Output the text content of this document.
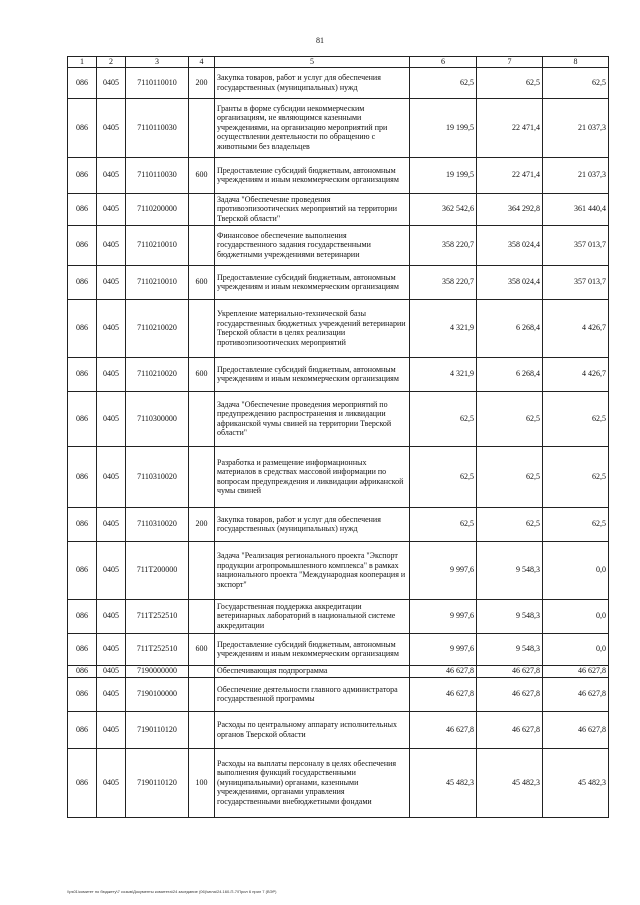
81
1	2	3	4	5	6	7	8
086	0405	7110110010	200	Закупка товаров, работ и услуг для обеспечения государственных (муниципальных) нужд	62,5	62,5	62,5
086	0405	7110110030		Гранты в форме субсидии некоммерческим организациям, не являющимся казенными учреждениями, на организацию мероприятий при осуществлении деятельности по обращению с животными без владельцев	19 199,5	22 471,4	21 037,3
086	0405	7110110030	600	Предоставление субсидий бюджетным, автономным учреждениям и иным некоммерческим организациям	19 199,5	22 471,4	21 037,3
086	0405	7110200000		Задача "Обеспечение проведения противоэпизоотических мероприятий на территории Тверской области"	362 542,6	364 292,8	361 440,4
086	0405	7110210010		Финансовое обеспечение выполнения государственного задания государственными бюджетными учреждениями ветеринарии	358 220,7	358 024,4	357 013,7
086	0405	7110210010	600	Предоставление субсидий бюджетным, автономным учреждениям и иным некоммерческим организациям	358 220,7	358 024,4	357 013,7
086	0405	7110210020		Укрепление материально-технической базы государственных бюджетных учреждений ветеринарии Тверской области в целях реализации противоэпизоотических мероприятий	4 321,9	6 268,4	4 426,7
086	0405	7110210020	600	Предоставление субсидий бюджетным, автономным учреждениям и иным некоммерческим организациям	4 321,9	6 268,4	4 426,7
086	0405	7110300000		Задача "Обеспечение проведения мероприятий по предупреждению распространения и ликвидации африканской чумы свиней на территории Тверской области"	62,5	62,5	62,5
086	0405	7110310020		Разработка и размещение информационных материалов в средствах массовой информации по вопросам предупреждения и ликвидации африканской чумы свиней	62,5	62,5	62,5
086	0405	7110310020	200	Закупка товаров, работ и услуг для обеспечения государственных (муниципальных) нужд	62,5	62,5	62,5
086	0405	711Т200000		Задача "Реализация регионального проекта "Экспорт продукции агропромышленного комплекса" в рамках национального проекта "Международная кооперация и экспорт"	9 997,6	9 548,3	0,0
086	0405	711Т252510		Государственная поддержка аккредитации ветеринарных лабораторий в национальной системе аккредитации	9 997,6	9 548,3	0,0
086	0405	711Т252510	600	Предоставление субсидий бюджетным, автономным учреждениям и иным некоммерческим организациям	9 997,6	9 548,3	0,0
086	0405	7190000000		Обеспечивающая подпрограмма	46 627,8	46 627,8	46 627,8
086	0405	7190100000		Обеспечение деятельности главного администратора государственной программы	46 627,8	46 627,8	46 627,8
086	0405	7190110120		Расходы по центральному аппарату исполнительных органов Тверской области	46 627,8	46 627,8	46 627,8
086	0405	7190110120	100	Расходы на выплаты персоналу в целях обеспечения выполнения функций государственными (муниципальными) органами, казенными учреждениями, органами управления государственными внебюджетными фондами	45 482,3	45 482,3	45 482,3
\\ps01\комитет по бюджету\7 созыв\Документы комитета\24 заседание (06)\мгла\24.160-П-7\Прил 6 прил 7 (ВЭР)
